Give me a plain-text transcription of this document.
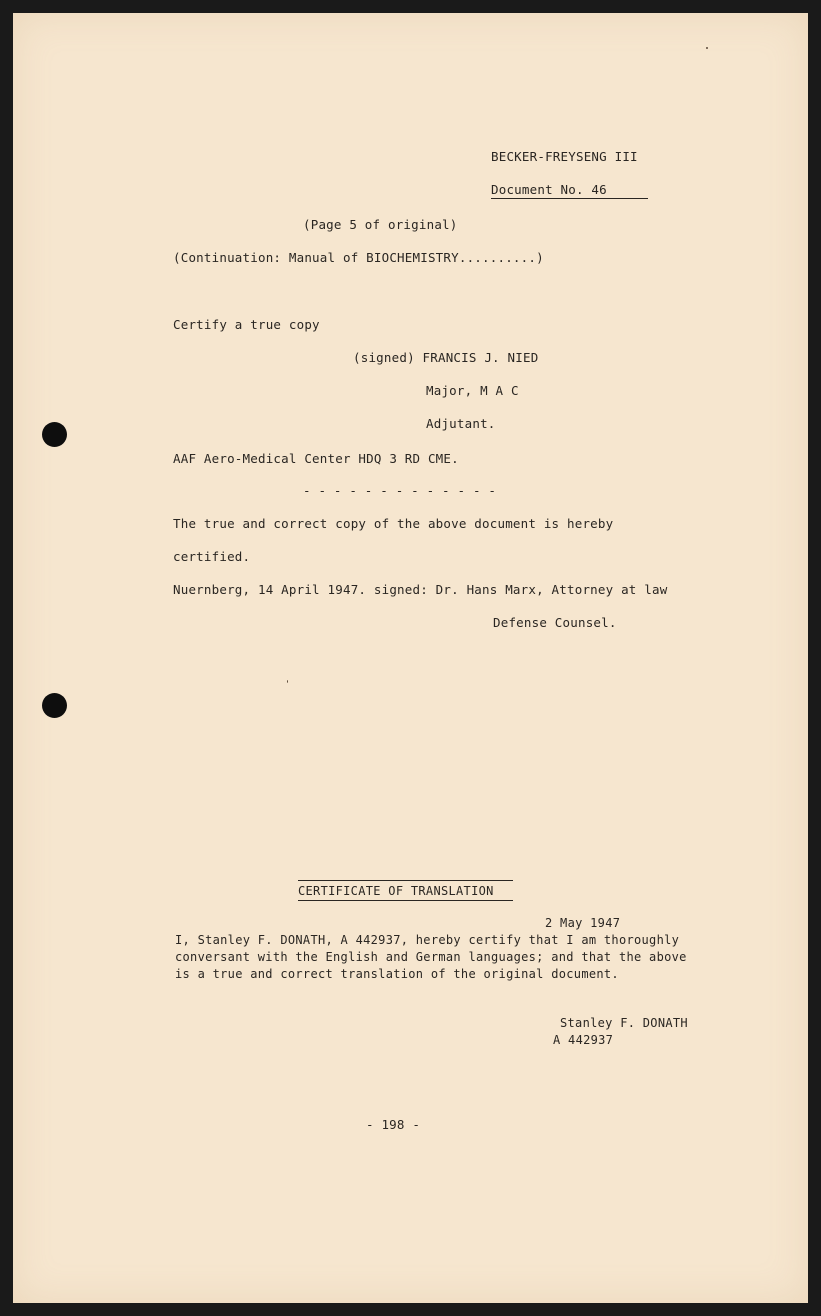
BECKER-FREYSENG III
Document No. 46
(Page 5 of original)
(Continuation: Manual of BIOCHEMISTRY..........)
Certify a true copy
(signed) FRANCIS J. NIED
Major, M A C
Adjutant.
AAF Aero-Medical Center HDQ 3 RD CME.
- - - - - - - - - - - - -
The true and correct copy of the above document is hereby
certified.
Nuernberg, 14 April 1947. signed: Dr. Hans Marx, Attorney at law
Defense Counsel.
CERTIFICATE OF TRANSLATION
2 May 1947
I, Stanley F. DONATH, A 442937, hereby certify that I am thoroughly
conversant with the English and German languages; and that the above
is a true and correct translation of the original document.
Stanley F. DONATH
A 442937
- 198 -
